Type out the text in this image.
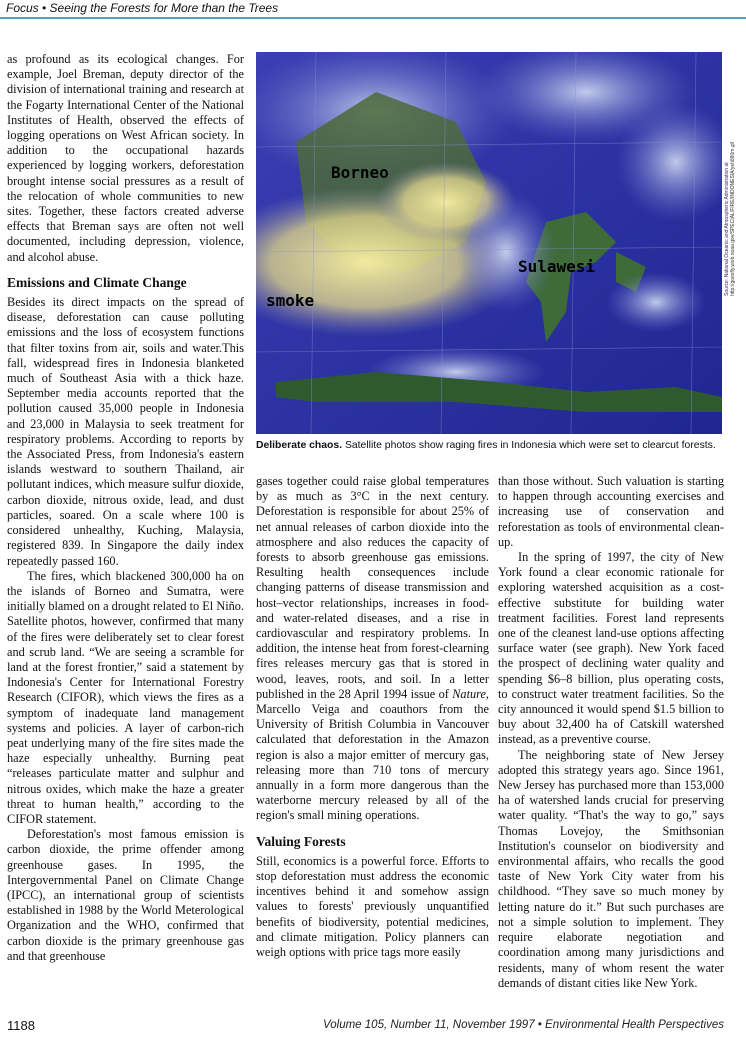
Focus • Seeing the Forests for More than the Trees

as profound as its ecological changes. For example, Joel Breman, deputy director of the division of international training and research at the Fogarty International Center of the National Institutes of Health, observed the effects of logging operations on West African society. In addition to the occupational hazards experienced by logging workers, deforestation brought intense social pressures as a result of the relocation of whole communities to new sites. Together, these factors created adverse effects that Breman says are often not well documented, including depression, violence, and alcohol abuse.

Emissions and Climate Change

Besides its direct impacts on the spread of disease, deforestation can cause polluting emissions and the loss of ecosystem functions that filter toxins from air, soils and water.This fall, widespread fires in Indonesia blanketed much of Southeast Asia with a thick haze. September media accounts reported that the pollution caused 35,000 people in Indonesia and 23,000 in Malaysia to seek treatment for respiratory problems. According to reports by the Associated Press, from Indonesia's eastern islands westward to southern Thailand, air pollutant indices, which measure sulfur dioxide, carbon dioxide, nitrous oxide, lead, and dust particles, soared. On a scale where 100 is considered unhealthy, Kuching, Malaysia, registered 839. In Singapore the daily index repeatedly passed 160.

The fires, which blackened 300,000 ha on the islands of Borneo and Sumatra, were initially blamed on a drought related to El Niño. Satellite photos, however, confirmed that many of the fires were deliberately set to clear forest and scrub land. “We are seeing a scramble for land at the forest frontier,” said a statement by Indonesia's Center for International Forestry Research (CIFOR), which views the fires as a symptom of inadequate land management systems and policies. A layer of carbon-rich peat underlying many of the fire sites made the haze especially unhealthy. Burning peat “releases particulate matter and sulphur and nitrous oxides, which make the haze a greater threat to human health,” according to the CIFOR statement.

Deforestation's most famous emission is carbon dioxide, the prime offender among greenhouse gases. In 1995, the Intergovernmental Panel on Climate Change (IPCC), an international group of scientists established in 1988 by the World Meterological Organization and the WHO, confirmed that carbon dioxide is the primary greenhouse gas and that greenhouse

Borneo
Sulawesi
smoke
Source: National Oceanic and Atmospheric Administration at http://goesfly.wwb.noaa.gov/SPECIAL/FIRE/INDONESIA/yeh880m.gif
Deliberate chaos. Satellite photos show raging fires in Indonesia which were set to clearcut forests.

gases together could raise global temperatures by as much as 3°C in the next century. Deforestation is responsible for about 25% of net annual releases of carbon dioxide into the atmosphere and also reduces the capacity of forests to absorb greenhouse gas emissions. Resulting health consequences include changing patterns of disease transmission and host–vector relationships, increases in food- and water-related diseases, and a rise in cardiovascular and respiratory problems. In addition, the intense heat from forest-clearning fires releases mercury gas that is stored in wood, leaves, roots, and soil. In a letter published in the 28 April 1994 issue of Nature, Marcello Veiga and coauthors from the University of British Columbia in Vancouver calculated that deforestation in the Amazon region is also a major emitter of mercury gas, releasing more than 710 tons of mercury annually in a form more dangerous than the waterborne mercury released by all of the region's small mining operations.

Valuing Forests

Still, economics is a powerful force. Efforts to stop deforestation must address the economic incentives behind it and somehow assign values to forests' previously unquantified benefits of biodiversity, potential medicines, and climate mitigation. Policy planners can weigh options with price tags more easily

than those without. Such valuation is starting to happen through accounting exercises and increasing use of conservation and reforestation as tools of environmental clean-up.

In the spring of 1997, the city of New York found a clear economic rationale for exploring watershed acquisition as a cost-effective substitute for building water treatment facilities. Forest land represents one of the cleanest land-use options affecting surface water (see graph). New York faced the prospect of declining water quality and spending $6–8 billion, plus operating costs, to construct water treatment facilities. So the city announced it would spend $1.5 billion to buy about 32,400 ha of Catskill watershed instead, as a preventive course.

The neighboring state of New Jersey adopted this strategy years ago. Since 1961, New Jersey has purchased more than 153,000 ha of watershed lands crucial for preserving water quality. “That's the way to go,” says Thomas Lovejoy, the Smithsonian Institution's counselor on biodiversity and environmental affairs, who recalls the good taste of New York City water from his childhood. “They save so much money by letting nature do it.” But such purchases are not a simple solution to implement. They require elaborate negotiation and coordination among many jurisdictions and residents, many of whom resent the water demands of distant cities like New York.

1188	Volume 105, Number 11, November 1997 • Environmental Health Perspectives
